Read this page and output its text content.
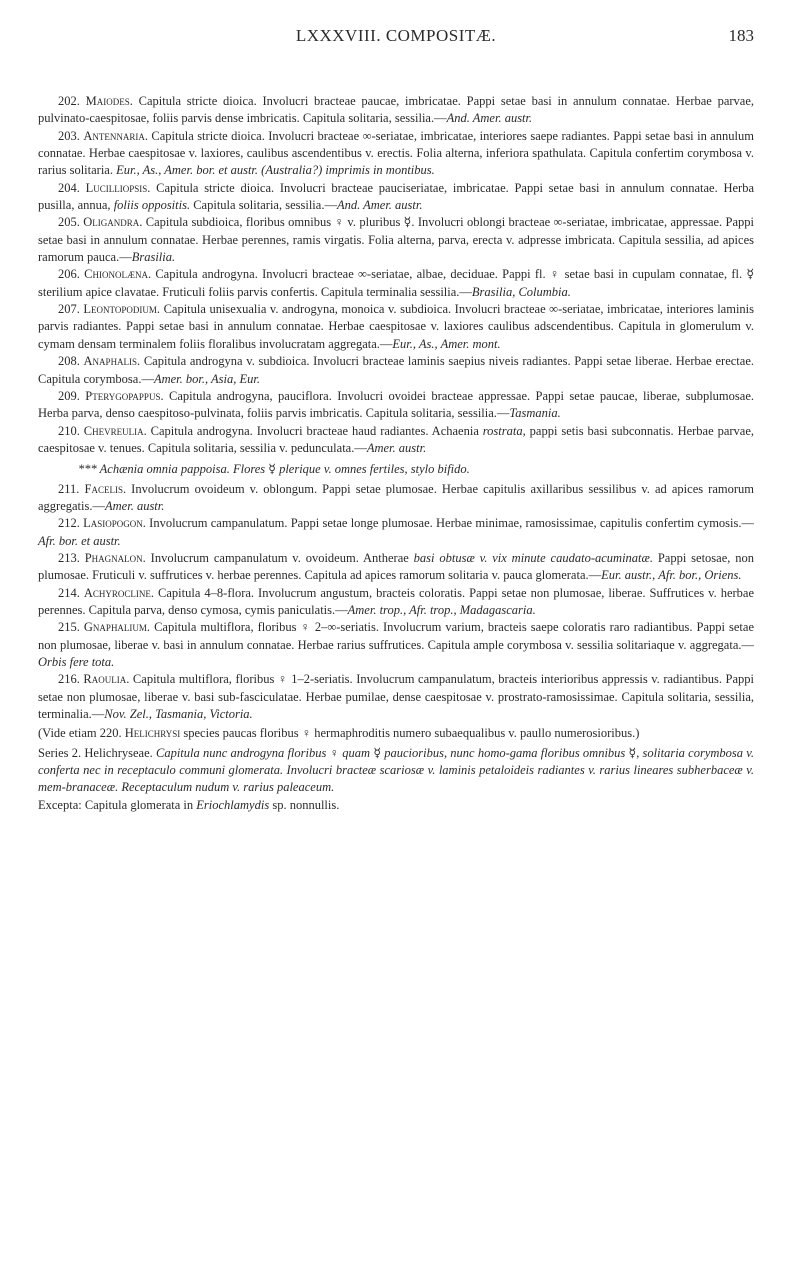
LXXXVIII. COMPOSITÆ.	183

202. Maiodes. Capitula stricte dioica. Involucri bracteae paucae, imbricatae. Pappi setae basi in annulum connatae. Herbae parvae, pulvinato-caespitosae, foliis parvis dense imbricatis. Capitula solitaria, sessilia.—And. Amer. austr.

203. Antennaria. Capitula stricte dioica. Involucri bracteae ∞-seriatae, imbricatae, interiores saepe radiantes. Pappi setae basi in annulum connatae. Herbae caespitosae v. laxiores, caulibus ascendentibus v. erectis. Folia alterna, inferiora spathulata. Capitula confertim corymbosa v. rarius solitaria. Eur., As., Amer. bor. et austr. (Australia?) imprimis in montibus.

204. Lucilliopsis. Capitula stricte dioica. Involucri bracteae pauciseriatae, imbricatae. Pappi setae basi in annulum connatae. Herba pusilla, annua, foliis oppositis. Capitula solitaria, sessilia.—And. Amer. austr.

205. Oligandra. Capitula subdioica, floribus omnibus ♀ v. pluribus ☿. Involucri oblongi bracteae ∞-seriatae, imbricatae, appressae. Pappi setae basi in annulum connatae. Herbae perennes, ramis virgatis. Folia alterna, parva, erecta v. adpresse imbricata. Capitula sessilia, ad apices ramorum pauca.—Brasilia.

206. Chionolæna. Capitula androgyna. Involucri bracteae ∞-seriatae, albae, deciduae. Pappi fl. ♀ setae basi in cupulam connatae, fl. ☿ sterilium apice clavatae. Fruticuli foliis parvis confertis. Capitula terminalia sessilia.—Brasilia, Columbia.

207. Leontopodium. Capitula unisexualia v. androgyna, monoica v. subdioica. Involucri bracteae ∞-seriatae, imbricatae, interiores laminis parvis radiantes. Pappi setae basi in annulum connatae. Herbae caespitosae v. laxiores caulibus adscendentibus. Capitula in glomerulum v. cymam densam terminalem foliis floralibus involucratam aggregata.—Eur., As., Amer. mont.

208. Anaphalis. Capitula androgyna v. subdioica. Involucri bracteae laminis saepius niveis radiantes. Pappi setae liberae. Herbae erectae. Capitula corymbosa.—Amer. bor., Asia, Eur.

209. Pterygopappus. Capitula androgyna, pauciflora. Involucri ovoidei bracteae appressae. Pappi setae paucae, liberae, subplumosae. Herba parva, denso caespitoso-pulvinata, foliis parvis imbricatis. Capitula solitaria, sessilia.—Tasmania.

210. Chevreulia. Capitula androgyna. Involucri bracteae haud radiantes. Achaenia rostrata, pappi setis basi subconnatis. Herbae parvae, caespitosae v. tenues. Capitula solitaria, sessilia v. pedunculata.—Amer. austr.

*** Achænia omnia pappoisa. Flores ☿ plerique v. omnes fertiles, stylo bifido.

211. Facelis. Involucrum ovoideum v. oblongum. Pappi setae plumosae. Herbae capitulis axillaribus sessilibus v. ad apices ramorum aggregatis.—Amer. austr.

212. Lasiopogon. Involucrum campanulatum. Pappi setae longe plumosae. Herbae minimae, ramosissimae, capitulis confertim cymosis.—Afr. bor. et austr.

213. Phagnalon. Involucrum campanulatum v. ovoideum. Antherae basi obtusæ v. vix minute caudato-acuminatæ. Pappi setosae, non plumosae. Fruticuli v. suffrutices v. herbae perennes. Capitula ad apices ramorum solitaria v. pauca glomerata.—Eur. austr., Afr. bor., Oriens.

214. Achyrocline. Capitula 4–8-flora. Involucrum angustum, bracteis coloratis. Pappi setae non plumosae, liberae. Suffrutices v. herbae perennes. Capitula parva, denso cymosa, cymis paniculatis.—Amer. trop., Afr. trop., Madagascaria.

215. Gnaphalium. Capitula multiflora, floribus ♀ 2–∞-seriatis. Involucrum varium, bracteis saepe coloratis raro radiantibus. Pappi setae non plumosae, liberae v. basi in annulum connatae. Herbae rarius suffrutices. Capitula ample corymbosa v. sessilia solitariaque v. aggregata.—Orbis fere tota.

216. Raoulia. Capitula multiflora, floribus ♀ 1–2-seriatis. Involucrum campanulatum, bracteis interioribus appressis v. radiantibus. Pappi setae non plumosae, liberae v. basi sub-fasciculatae. Herbae pumilae, dense caespitosae v. prostrato-ramosissimae. Capitula solitaria, sessilia, terminalia.—Nov. Zel., Tasmania, Victoria.

(Vide etiam 220. Helichrysi species paucas floribus ♀ hermaphroditis numero subaequalibus v. paullo numerosioribus.)

Series 2. Helichryseae. Capitula nunc androgyna floribus ♀ quam ☿ paucioribus, nunc homo-gama floribus omnibus ☿, solitaria corymbosa v. conferta nec in receptaculo communi glomerata. Involucri bracteæ scariosæ v. laminis petaloideis radiantes v. rarius lineares subherbaceæ v. mem-branaceæ. Receptaculum nudum v. rarius paleaceum.

Excepta: Capitula glomerata in Eriochlamydis sp. nonnullis.
